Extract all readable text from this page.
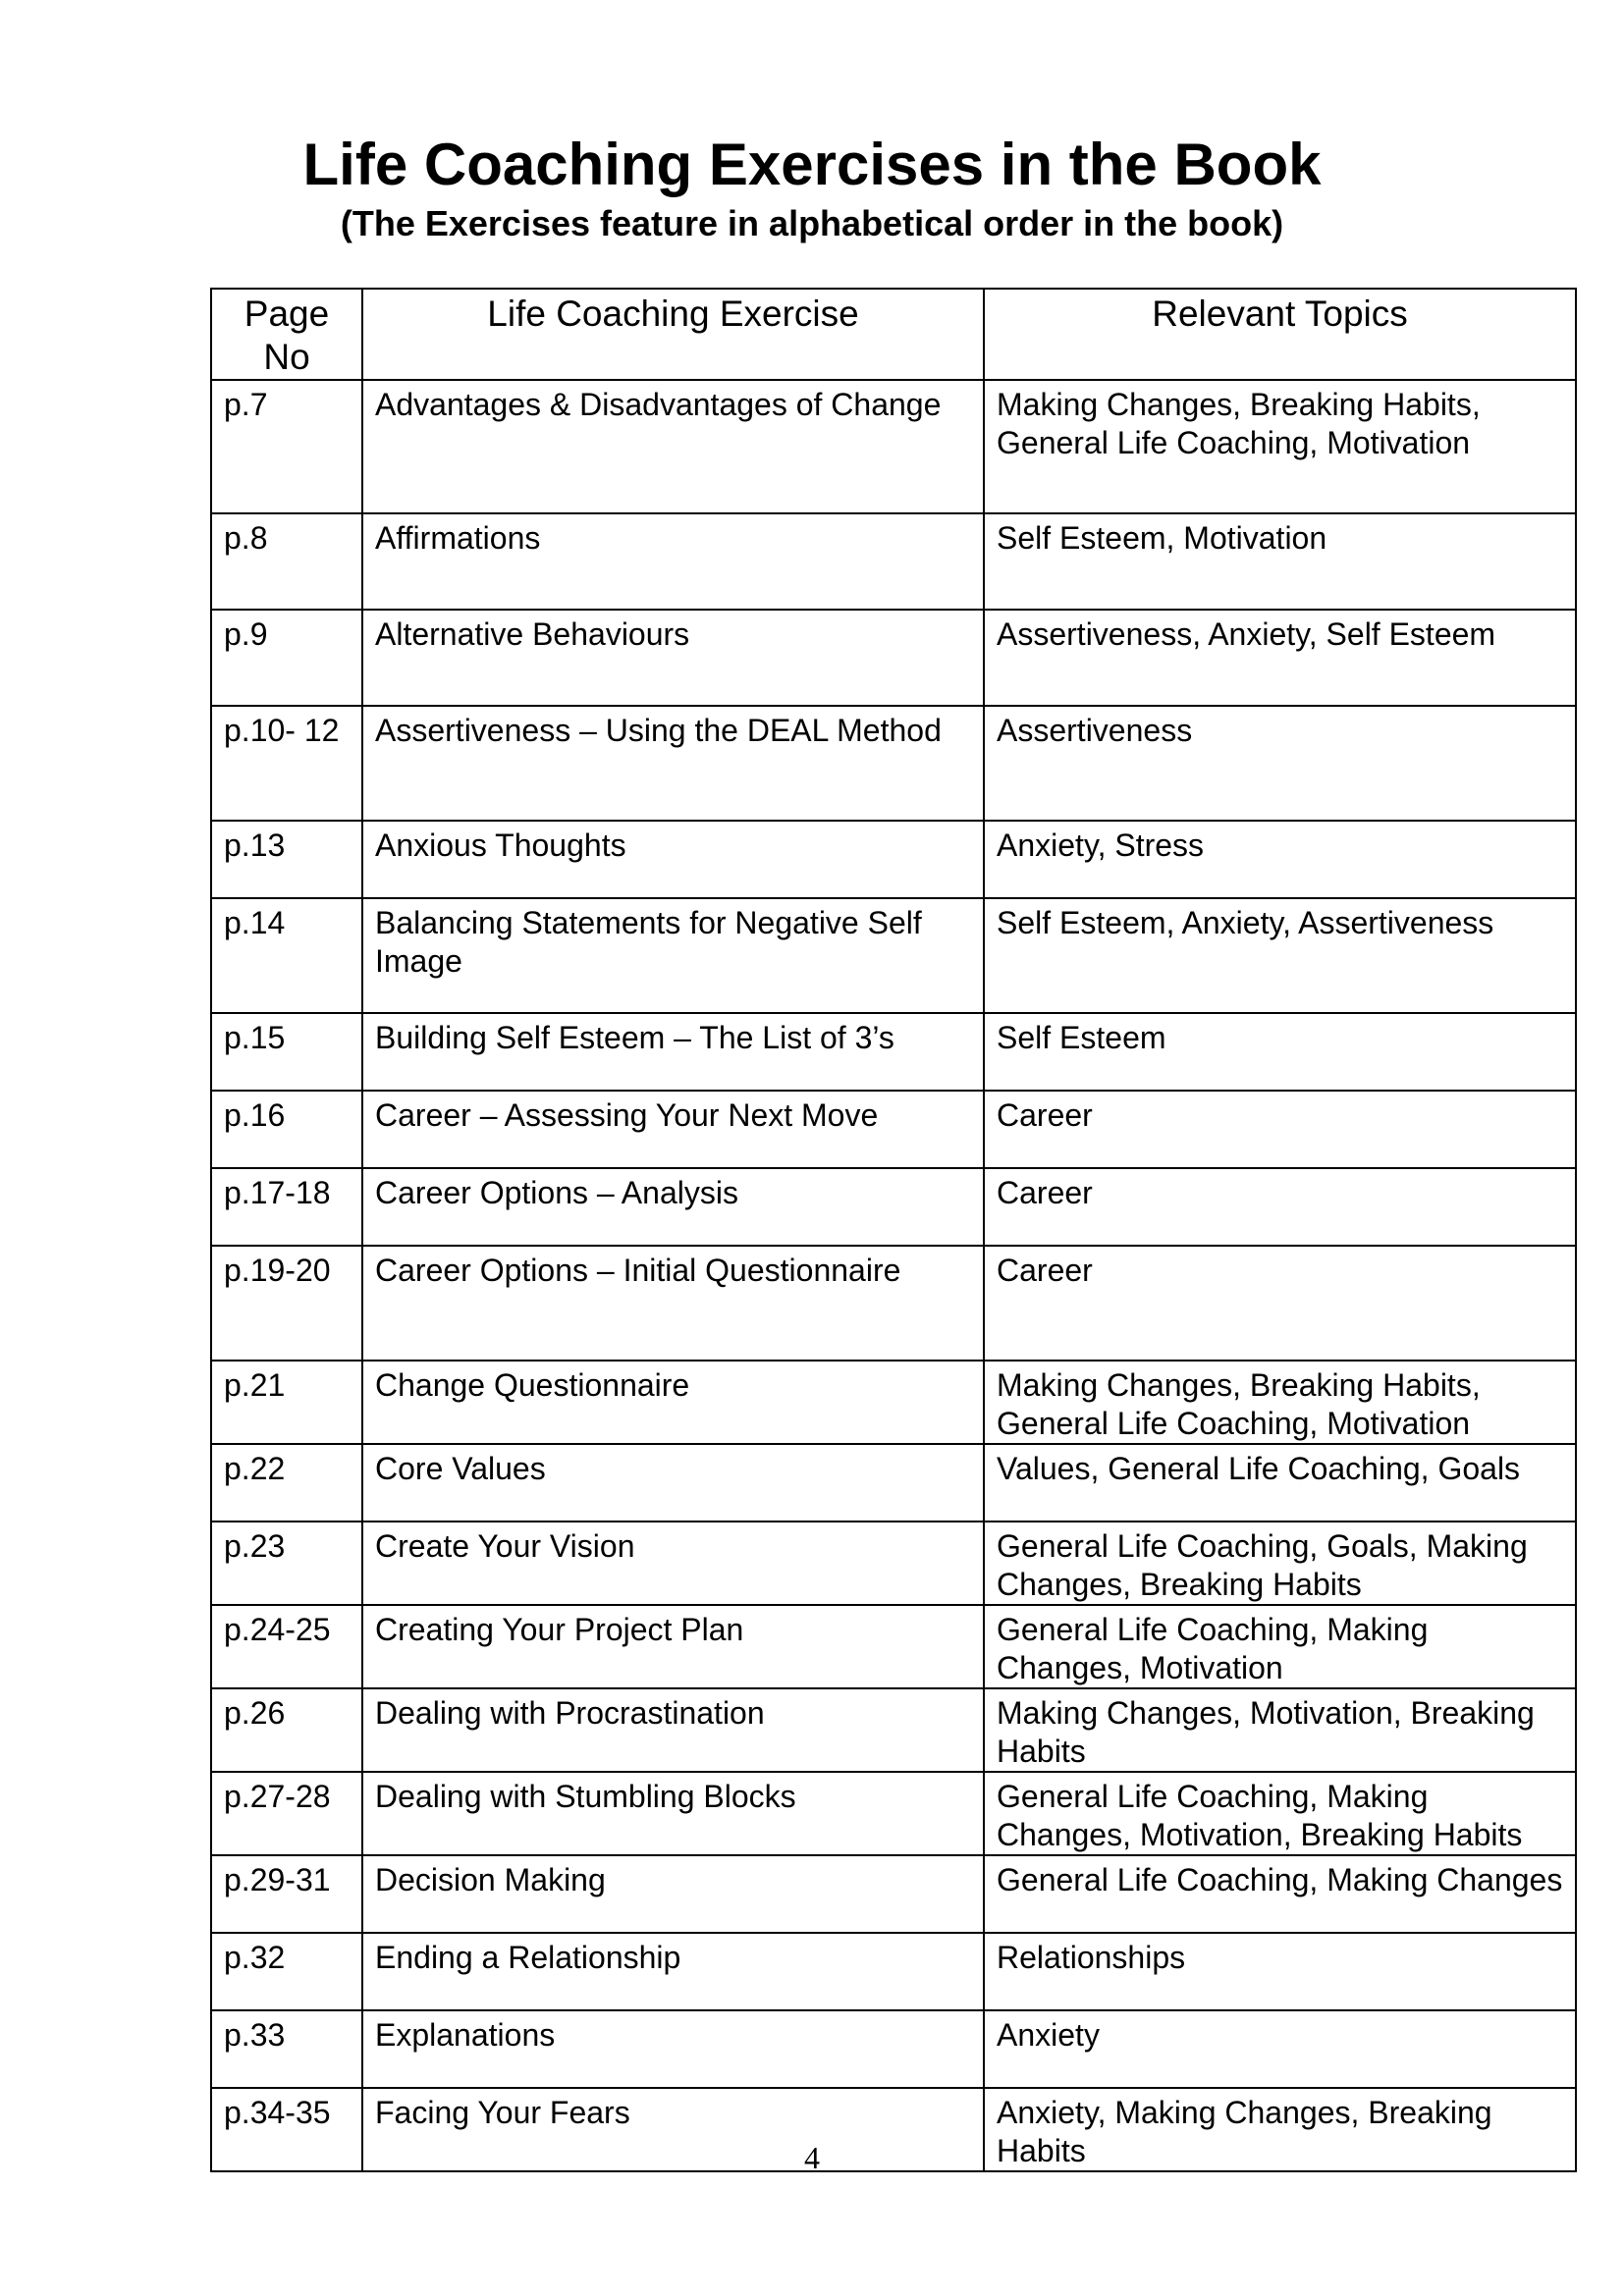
Life Coaching Exercises in the Book
(The Exercises feature in alphabetical order in the book)
Page No	Life Coaching Exercise	Relevant Topics
p.7	Advantages & Disadvantages of Change	Making Changes, Breaking Habits, General Life Coaching, Motivation
p.8	Affirmations	Self Esteem, Motivation
p.9	Alternative Behaviours	Assertiveness, Anxiety, Self Esteem
p.10- 12	Assertiveness – Using the DEAL Method	Assertiveness
p.13	Anxious Thoughts	Anxiety, Stress
p.14	Balancing Statements for Negative Self Image	Self Esteem, Anxiety, Assertiveness
p.15	Building Self Esteem – The List of 3’s	Self Esteem
p.16	Career – Assessing Your Next Move	Career
p.17-18	Career Options – Analysis	Career
p.19-20	Career Options – Initial Questionnaire	Career
p.21	Change Questionnaire	Making Changes, Breaking Habits, General Life Coaching, Motivation
p.22	Core Values	Values, General Life Coaching, Goals
p.23	Create Your Vision	General Life Coaching, Goals, Making Changes, Breaking Habits
p.24-25	Creating Your Project Plan	General Life Coaching, Making Changes, Motivation
p.26	Dealing with Procrastination	Making Changes, Motivation, Breaking Habits
p.27-28	Dealing with Stumbling Blocks	General Life Coaching, Making Changes, Motivation, Breaking Habits
p.29-31	Decision Making	General Life Coaching, Making Changes
p.32	Ending a Relationship	Relationships
p.33	Explanations	Anxiety
p.34-35	Facing Your Fears	Anxiety, Making Changes, Breaking Habits
4
